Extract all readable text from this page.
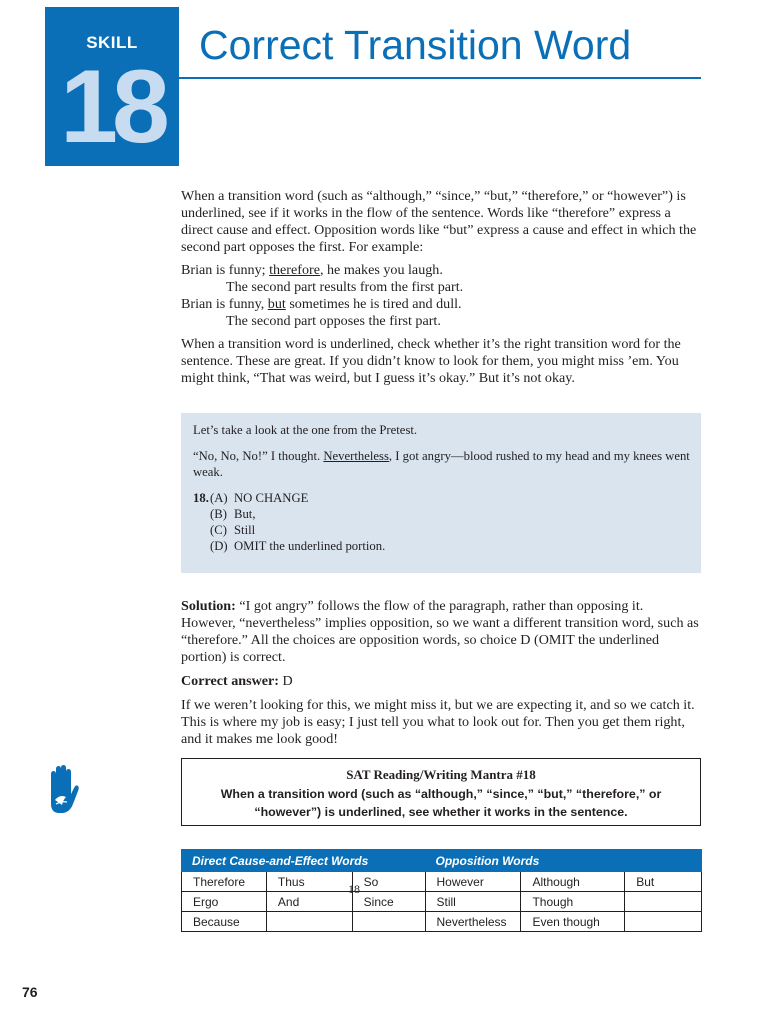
SKILL
18
Correct Transition Word

When a transition word (such as “although,” “since,” “but,” “therefore,” or “however”) is underlined, see if it works in the flow of the sentence. Words like “therefore” express a direct cause and effect. Opposition words like “but” express a cause and effect in which the second part opposes the first. For example:

Brian is funny; therefore, he makes you laugh.
The second part results from the first part.
Brian is funny, but sometimes he is tired and dull.
The second part opposes the first part.

When a transition word is underlined, check whether it’s the right transition word for the sentence. These are great. If you didn’t know to look for them, you might miss ’em. You might think, “That was weird, but I guess it’s okay.” But it’s not okay.

Let’s take a look at the one from the Pretest.

“No, No, No!” I thought. Nevertheless, I got angry—blood rushed to my head and my knees went weak.

18. (A) NO CHANGE
(B) But,
(C) Still
(D) OMIT the underlined portion.
18

Solution: “I got angry” follows the flow of the paragraph, rather than opposing it. However, “nevertheless” implies opposition, so we want a different transition word, such as “therefore.” All the choices are opposition words, so choice D (OMIT the underlined portion) is correct.

Correct answer: D

If we weren’t looking for this, we might miss it, but we are expecting it, and so we catch it. This is where my job is easy; I just tell you what to look out for. Then you get them right, and it makes me look good!

SAT Reading/Writing Mantra #18
When a transition word (such as “although,” “since,” “but,” “therefore,” or “however”) is underlined, see whether it works in the sentence.
Direct Cause-and-Effect Words			Opposition Words		
Therefore	Thus	So	However	Although	But
Ergo	And	Since	Still	Though	
Because			Nevertheless	Even though	
76
